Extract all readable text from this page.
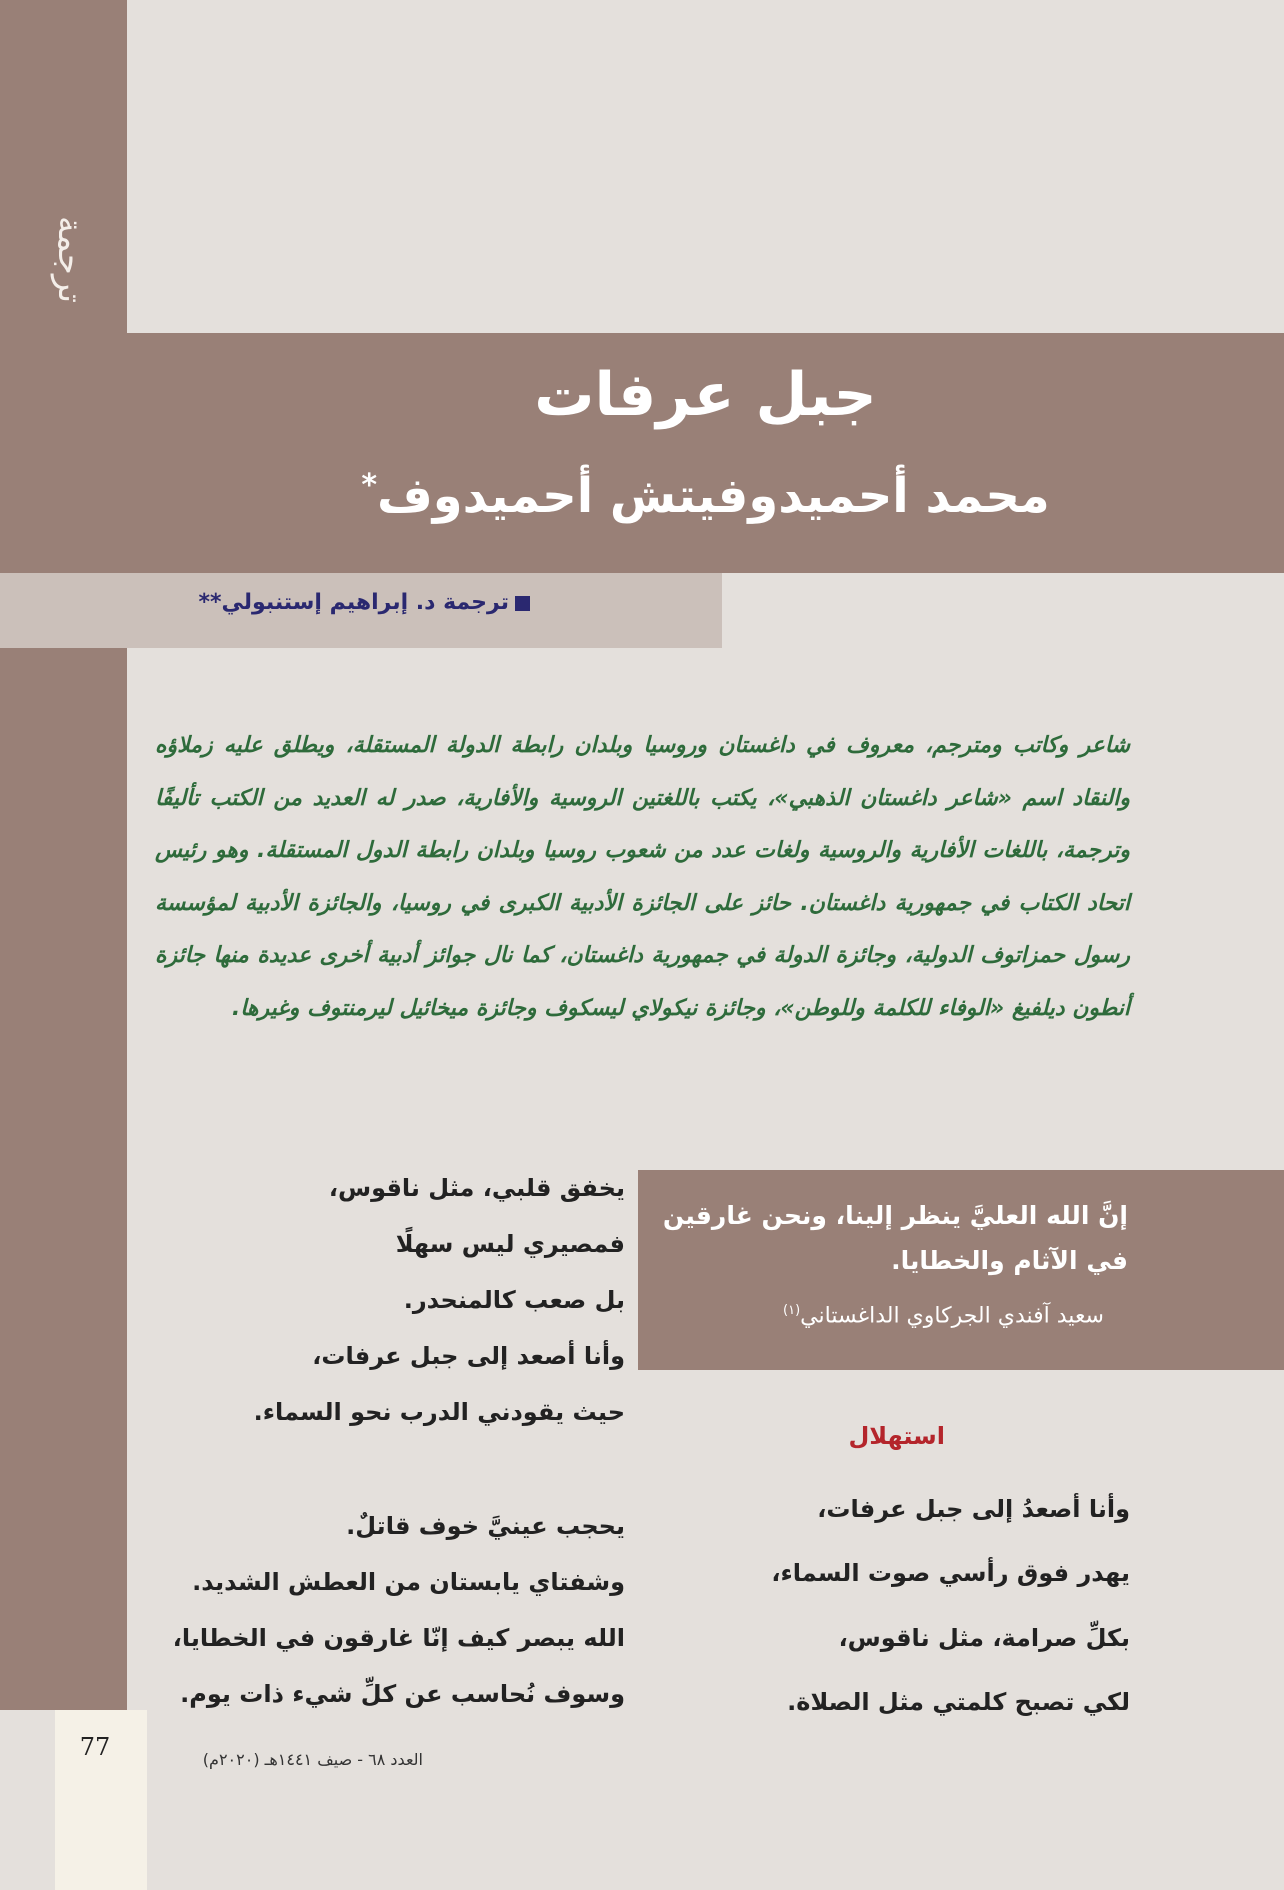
ترجمة
جبل عرفات
محمد أحميدوفيتش أحميدوف*
ترجمة د. إبراهيم إستنبولي**
شاعر وكاتب ومترجم، معروف في داغستان وروسيا وبلدان رابطة الدولة المستقلة، ويطلق عليه زملاؤه والنقاد اسم «شاعر داغستان الذهبي»، يكتب باللغتين الروسية والأفارية، صدر له العديد من الكتب تأليفًا وترجمة، باللغات الأفارية والروسية ولغات عدد من شعوب روسيا وبلدان رابطة الدول المستقلة. وهو رئيس اتحاد الكتاب في جمهورية داغستان. حائز على الجائزة الأدبية الكبرى في روسيا، والجائزة الأدبية لمؤسسة رسول حمزاتوف الدولية، وجائزة الدولة في جمهورية داغستان، كما نال جوائز أدبية أخرى عديدة منها جائزة أنطون ديلفيغ «الوفاء للكلمة وللوطن»، وجائزة نيكولاي ليسكوف وجائزة ميخائيل ليرمنتوف وغيرها.
إنَّ الله العليَّ ينظر إلينا، ونحن غارقين في الآثام والخطايا.
سعيد آفندي الجركاوي الداغستاني$^{(١)}$
استهلال
وأنا أصعدُ إلى جبل عرفات،
يهدر فوق رأسي صوت السماء،
بكلِّ صرامة، مثل ناقوس،
لكي تصبح كلمتي مثل الصلاة.
يخفق قلبي، مثل ناقوس،
فمصيري ليس سهلًا
بل صعب كالمنحدر.
وأنا أصعد إلى جبل عرفات،
حيث يقودني الدرب نحو السماء.
يحجب عينيَّ خوف قاتلٌ.
وشفتاي يابستان من العطش الشديد.
الله يبصر كيف إنّا غارقون في الخطايا،
وسوف نُحاسب عن كلِّ شيء ذات يوم.
77	العدد ٦٨ - صيف ١٤٤١هـ (٢٠٢٠م)
